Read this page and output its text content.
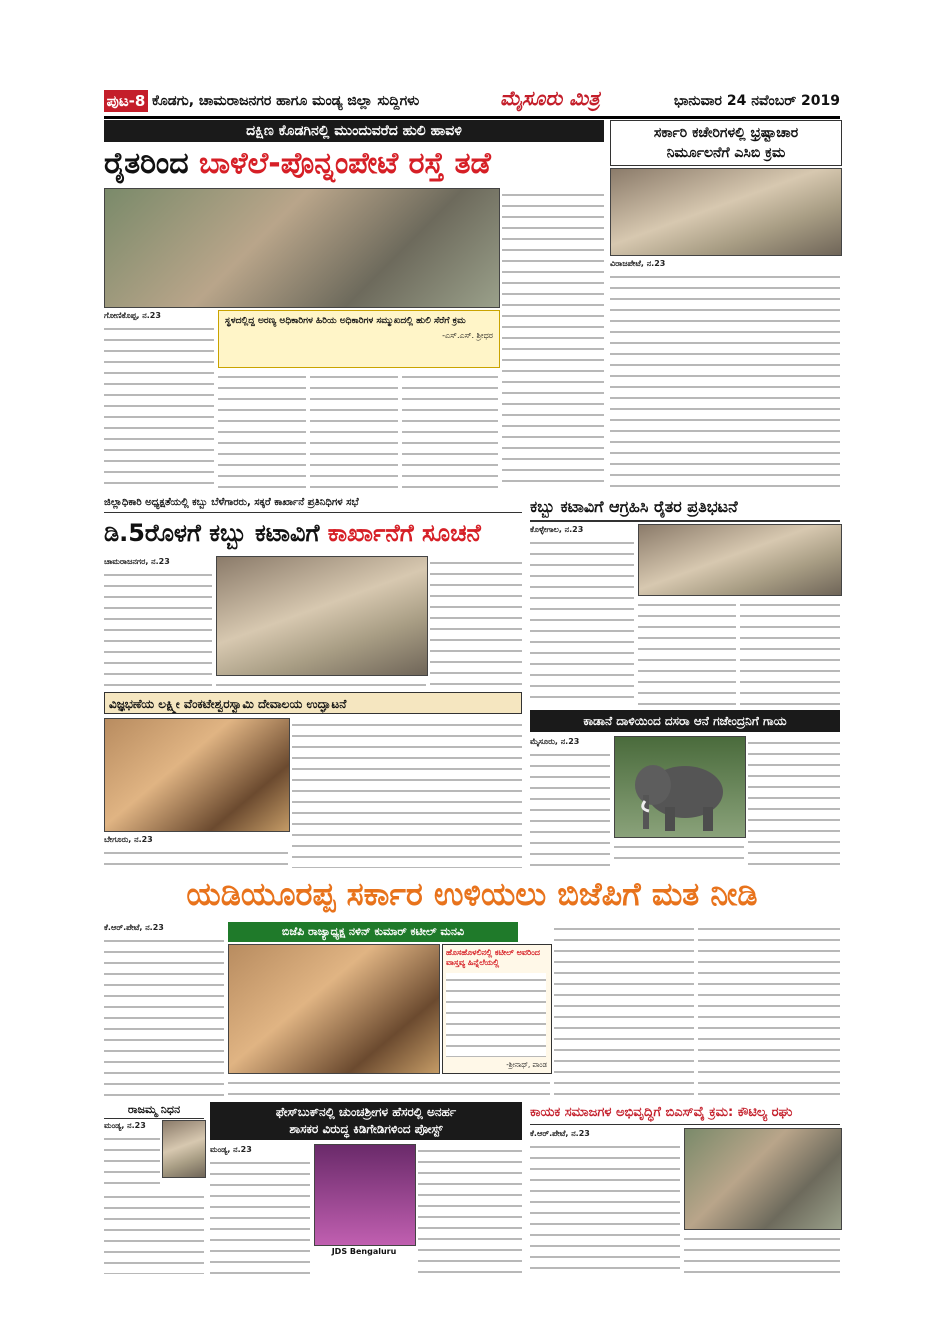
ಪುಟ-8 ಕೊಡಗು, ಚಾಮರಾಜನಗರ ಹಾಗೂ ಮಂಡ್ಯ ಜಿಲ್ಲಾ ಸುದ್ದಿಗಳು	ಮೈಸೂರು ಮಿತ್ರ	ಭಾನುವಾರ 24 ನವೆಂಬರ್ 2019
ದಕ್ಷಿಣ ಕೊಡಗಿನಲ್ಲಿ ಮುಂದುವರೆದ ಹುಲಿ ಹಾವಳಿ
ರೈತರಿಂದ ಬಾಳೆಲೆ-ಪೊನ್ನಂಪೇಟೆ ರಸ್ತೆ ತಡೆ
ಗೋಣಿಕೊಪ್ಪ, ನ.23
ಸ್ಥಳದಲ್ಲಿದ್ದ ಅರಣ್ಯ ಅಧಿಕಾರಿಗಳ ಹಿರಿಯ ಅಧಿಕಾರಿಗಳ ಸಮ್ಮುಖದಲ್ಲಿ ಹುಲಿ ಸೆರೆಗೆ ಕ್ರಮ
-ಎಸ್.ಎಸ್. ಶ್ರೀಧರ
ಸರ್ಕಾರಿ ಕಚೇರಿಗಳಲ್ಲಿ ಭ್ರಷ್ಟಾಚಾರ
ನಿರ್ಮೂಲನೆಗೆ ಎಸಿಬಿ ಕ್ರಮ
ವಿರಾಜಪೇಟೆ, ನ.23
ಜಿಲ್ಲಾಧಿಕಾರಿ ಅಧ್ಯಕ್ಷತೆಯಲ್ಲಿ ಕಬ್ಬು ಬೆಳೆಗಾರರು, ಸಕ್ಕರೆ ಕಾರ್ಖಾನೆ ಪ್ರತಿನಿಧಿಗಳ ಸಭೆ
ಡಿ.5ರೊಳಗೆ ಕಬ್ಬು ಕಟಾವಿಗೆ ಕಾರ್ಖಾನೆಗೆ ಸೂಚನೆ
ಚಾಮರಾಜನಗರ, ನ.23
ವಿಜ್ಞಭಣೆಯ ಲಕ್ಷ್ಮೀ ವೆಂಕಟೇಶ್ವರಸ್ವಾಮಿ ದೇವಾಲಯ ಉದ್ಘಾಟನೆ
ಬೇಗೂರು, ನ.23
ಕಬ್ಬು ಕಟಾವಿಗೆ ಆಗ್ರಹಿಸಿ ರೈತರ ಪ್ರತಿಭಟನೆ
ಕೊಳ್ಳೇಗಾಲ, ನ.23
ಕಾಡಾನೆ ದಾಳಿಯಿಂದ ದಸರಾ ಆನೆ ಗಜೇಂದ್ರನಿಗೆ ಗಾಯ
ಮೈಸೂರು, ನ.23
ಯಡಿಯೂರಪ್ಪ ಸರ್ಕಾರ ಉಳಿಯಲು ಬಿಜೆಪಿಗೆ ಮತ ನೀಡಿ
ಕೆ.ಆರ್.ಪೇಟೆ, ನ.23	ಬಿಜೆಪಿ ರಾಜ್ಯಾಧ್ಯಕ್ಷ ನಳಿನ್ ಕುಮಾರ್ ಕಟೀಲ್ ಮನವಿ
ಹೊಸಹೊಳಲಿನಲ್ಲಿ ಕಟೀಲ್ ಅವರಿಂದ ವಾಸ್ತವ್ಯ ಹಿನ್ನೆಲೆಯಲ್ಲಿ
-ಶ್ರೀನಾಥ್, ಪಾಂಡ
ರಾಜಮ್ಮ ನಿಧನ
ಮಂಡ್ಯ, ನ.23
ಫೇಸ್‌ಬುಕ್‌ನಲ್ಲಿ ಚುಂಚಶ್ರೀಗಳ ಹೆಸರಲ್ಲಿ ಅನರ್ಹ
ಶಾಸಕರ ವಿರುದ್ಧ ಕಿಡಿಗೇಡಿಗಳಿಂದ ಪೋಸ್ಟ್
ಮಂಡ್ಯ, ನ.23
JDS Bengaluru
ಕಾಯಕ ಸಮಾಜಗಳ ಅಭಿವೃದ್ಧಿಗೆ ಬಿಎಸ್‌ವೈ ಕ್ರಮ: ಕೌಟಿಲ್ಯ ರಘು
ಕೆ.ಆರ್.ಪೇಟೆ, ನ.23
